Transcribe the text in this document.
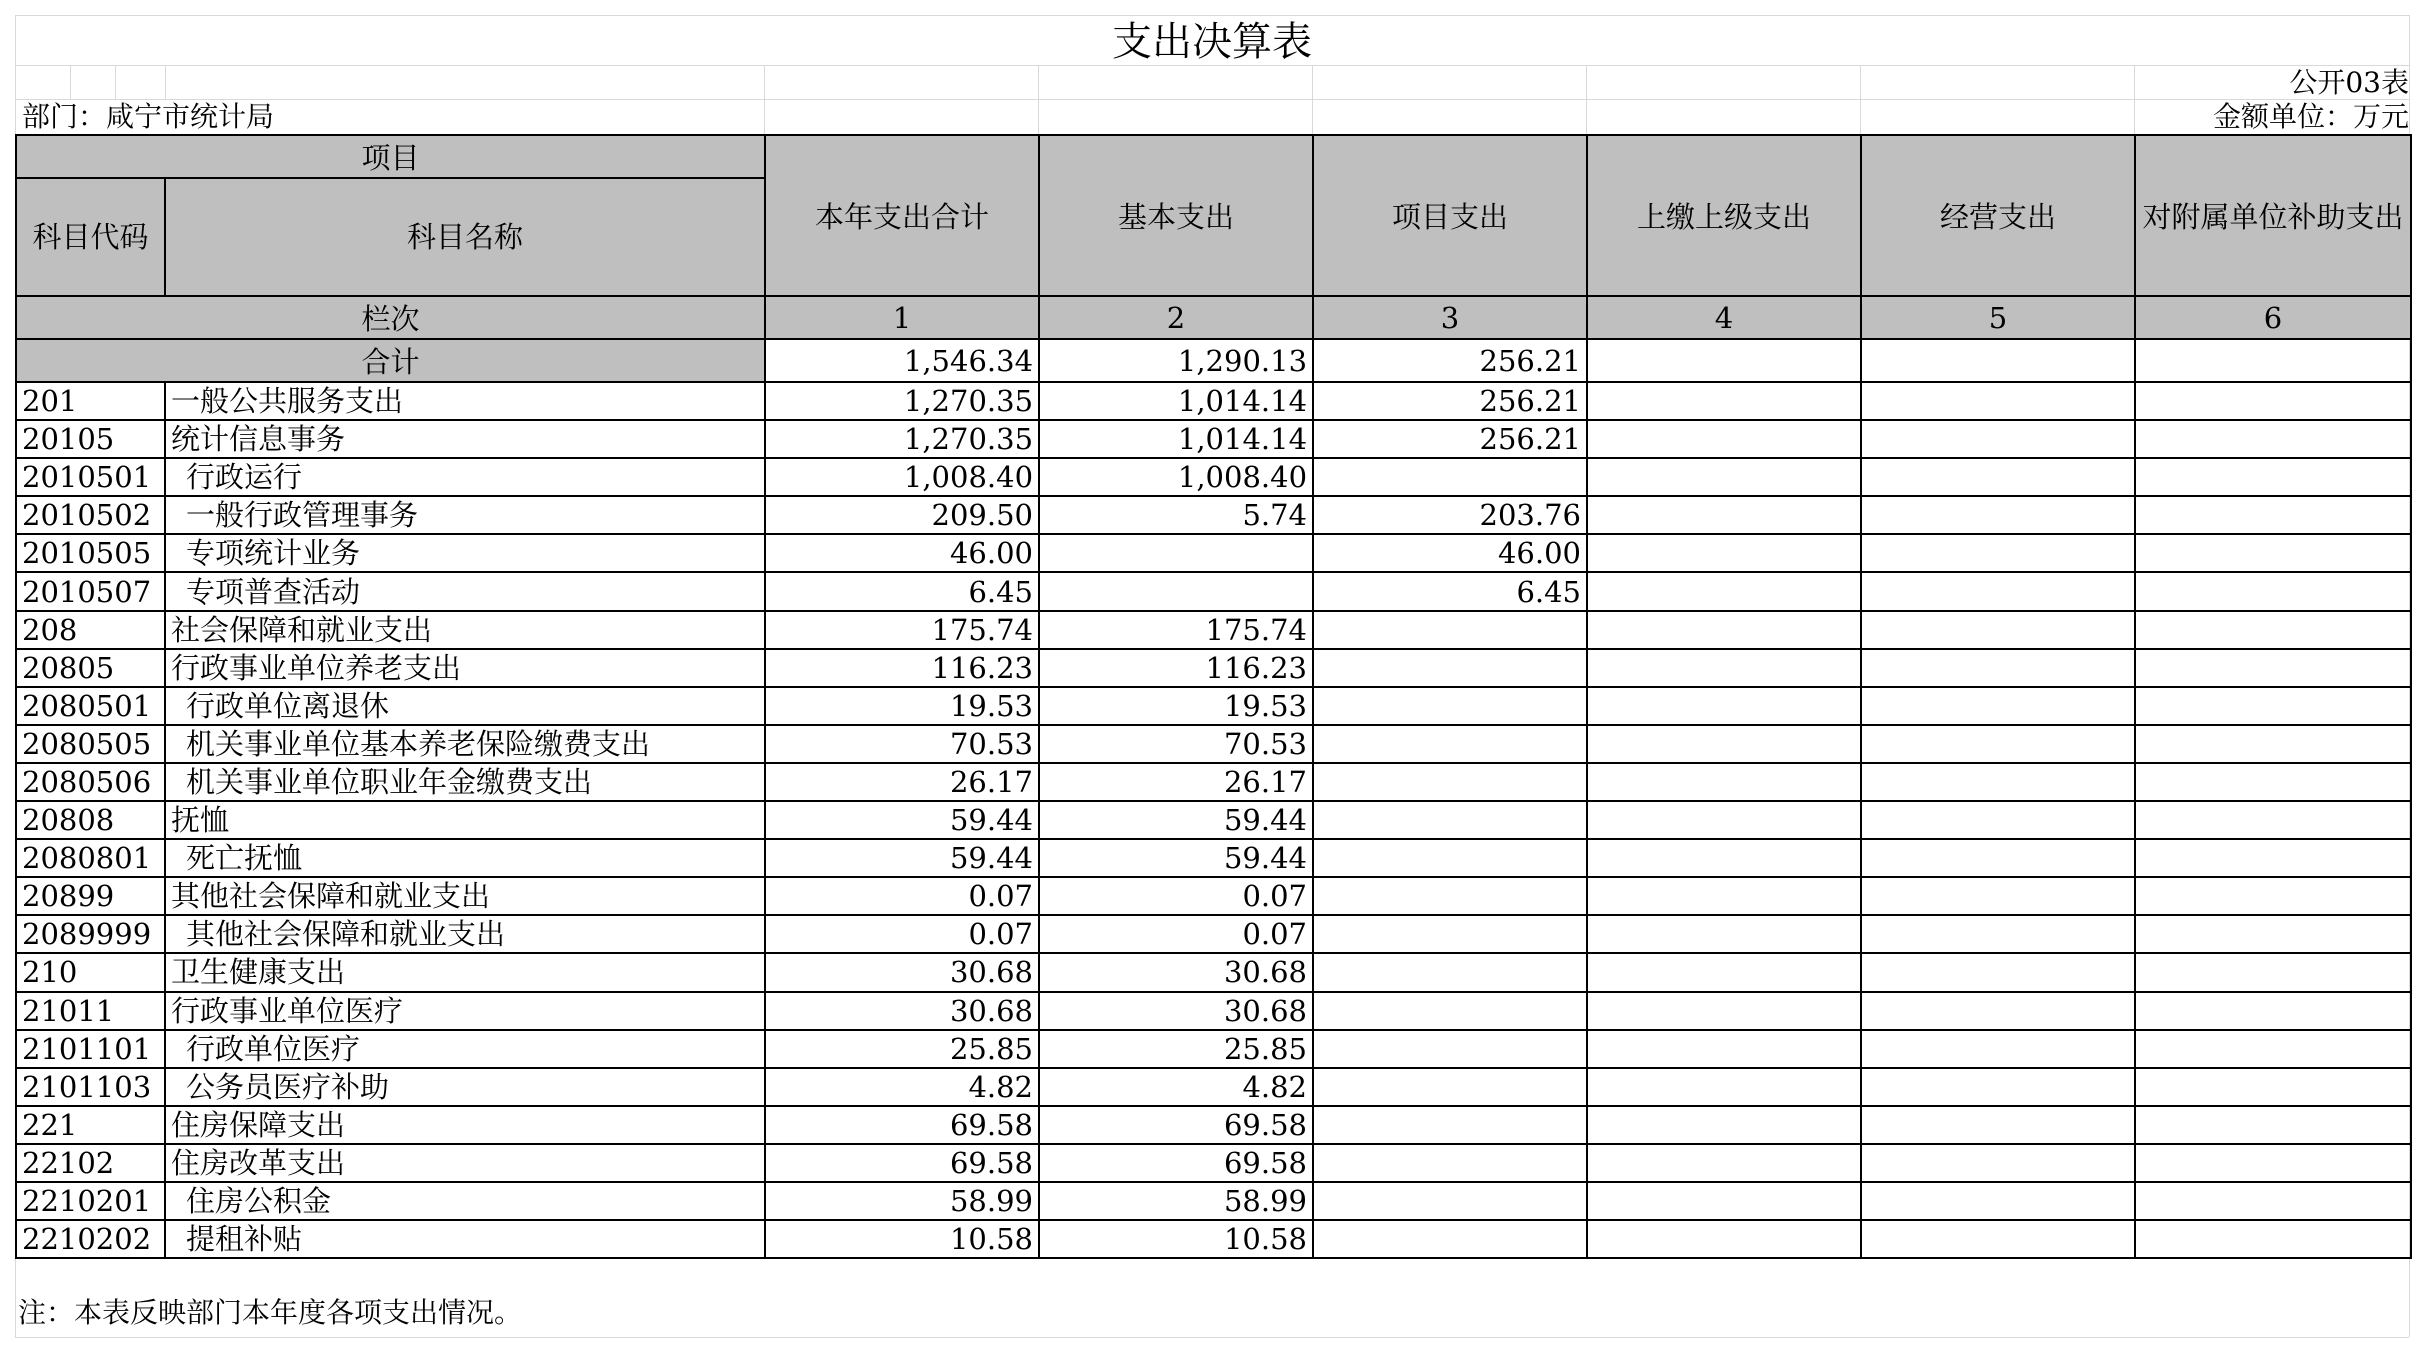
支出决算表
公开03表
部门：咸宁市统计局	金额单位：万元
项目		本年支出合计	基本支出	项目支出	上缴上级支出	经营支出	对附属单位补助支出
科目代码	科目名称						
栏次		1	2	3	4	5	6
合计		1,546.34	1,290.13	256.21			
201	一般公共服务支出	1,270.35	1,014.14	256.21			
20105	统计信息事务	1,270.35	1,014.14	256.21			
2010501	行政运行	1,008.40	1,008.40				
2010502	一般行政管理事务	209.50	5.74	203.76			
2010505	专项统计业务	46.00		46.00			
2010507	专项普查活动	6.45		6.45			
208	社会保障和就业支出	175.74	175.74				
20805	行政事业单位养老支出	116.23	116.23				
2080501	行政单位离退休	19.53	19.53				
2080505	机关事业单位基本养老保险缴费支出	70.53	70.53				
2080506	机关事业单位职业年金缴费支出	26.17	26.17				
20808	抚恤	59.44	59.44				
2080801	死亡抚恤	59.44	59.44				
20899	其他社会保障和就业支出	0.07	0.07				
2089999	其他社会保障和就业支出	0.07	0.07				
210	卫生健康支出	30.68	30.68				
21011	行政事业单位医疗	30.68	30.68				
2101101	行政单位医疗	25.85	25.85				
2101103	公务员医疗补助	4.82	4.82				
221	住房保障支出	69.58	69.58				
22102	住房改革支出	69.58	69.58				
2210201	住房公积金	58.99	58.99				
2210202	提租补贴	10.58	10.58				
注：本表反映部门本年度各项支出情况。
